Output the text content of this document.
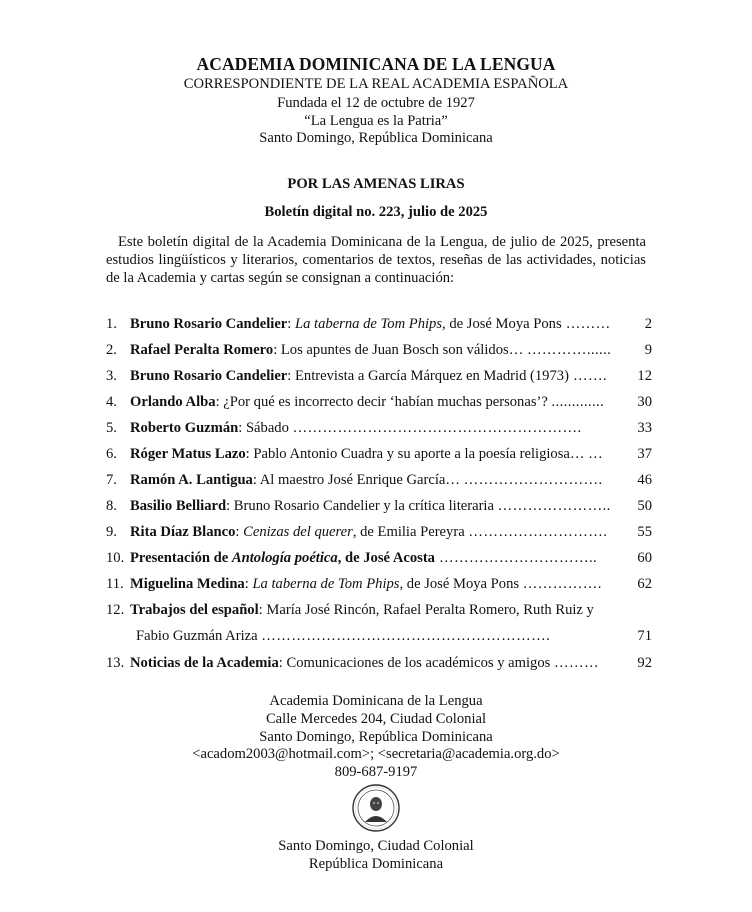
ACADEMIA DOMINICANA DE LA LENGUA
CORRESPONDIENTE DE LA REAL ACADEMIA ESPAÑOLA
Fundada el 12 de octubre de 1927
“La Lengua es la Patria”
Santo Domingo, República Dominicana
POR LAS AMENAS LIRAS
Boletín digital no. 223, julio de 2025
Este boletín digital de la Academia Dominicana de la Lengua, de julio de 2025, presenta estudios lingüísticos y literarios, comentarios de textos, reseñas de las actividades, noticias de la Academia y cartas según se consignan a continuación:
1. Bruno Rosario Candelier: La taberna de Tom Phips, de José Moya Pons ……… 2
2. Rafael Peralta Romero: Los apuntes de Juan Bosch son válidos… …………...... 9
3. Bruno Rosario Candelier: Entrevista a García Márquez en Madrid (1973) ……. 12
4. Orlando Alba: ¿Por qué es incorrecto decir ‘habían muchas personas’? ............. 30
5. Roberto Guzmán: Sábado ………………………………………………….	33
6. Róger Matus Lazo: Pablo Antonio Cuadra y su aporte a la poesía religiosa… … 37
7. Ramón A. Lantigua: Al maestro José Enrique García… ………………………. 46
8. Basilio Belliard: Bruno Rosario Candelier y la crítica literaria ………………….. 50
9. Rita Díaz Blanco: Cenizas del querer, de Emilia Pereyra ………………………. 55
10. Presentación de Antología poética, de José Acosta …………………………..	60
11. Miguelina Medina: La taberna de Tom Phips, de José Moya Pons ……………. 62
12. Trabajos del español: María José Rincón, Rafael Peralta Romero, Ruth Ruiz y
Fabio Guzmán Ariza ………………………………………………….	71
13. Noticias de la Academia: Comunicaciones de los académicos y amigos ………	92
Academia Dominicana de la Lengua
Calle Mercedes 204, Ciudad Colonial
Santo Domingo, República Dominicana
<acadom2003@hotmail.com>; <secretaria@academia.org.do>
809-687-9197
Santo Domingo, Ciudad Colonial
República Dominicana
